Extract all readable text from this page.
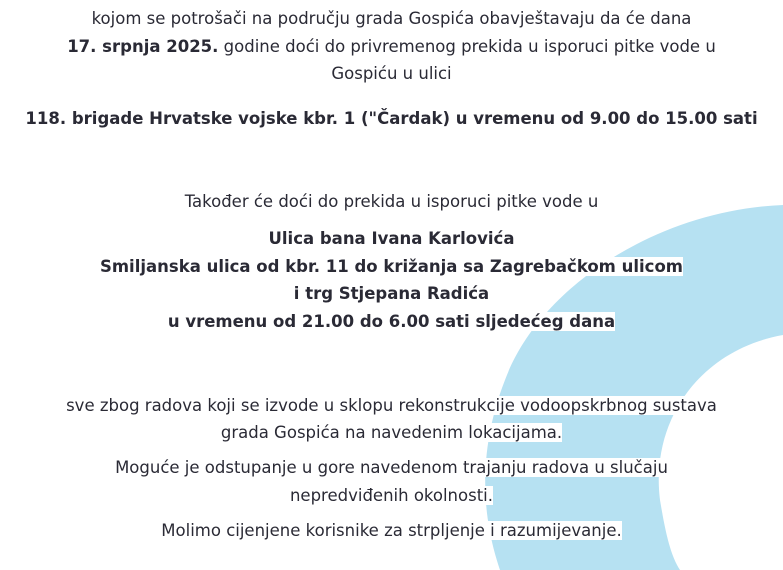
kojom se potrošači na području grada Gospića obavještavaju da će dana
17. srpnja 2025. godine doći do privremenog prekida u isporuci pitke vode u
Gospiću u ulici
118. brigade Hrvatske vojske kbr. 1 ("Čardak) u vremenu od 9.00 do 15.00 sati
Također će doći do prekida u isporuci pitke vode u
Ulica bana Ivana Karlovića
Smiljanska ulica od kbr. 11 do križanja sa Zagrebačkom ulicom
i trg Stjepana Radića
u vremenu od 21.00 do 6.00 sati sljedećeg dana
sve zbog radova koji se izvode u sklopu rekonstrukcije vodoopskrbnog sustava
grada Gospića na navedenim lokacijama.
Moguće je odstupanje u gore navedenom trajanju radova u slučaju
nepredviđenih okolnosti.
Molimo cijenjene korisnike za strpljenje i razumijevanje.
